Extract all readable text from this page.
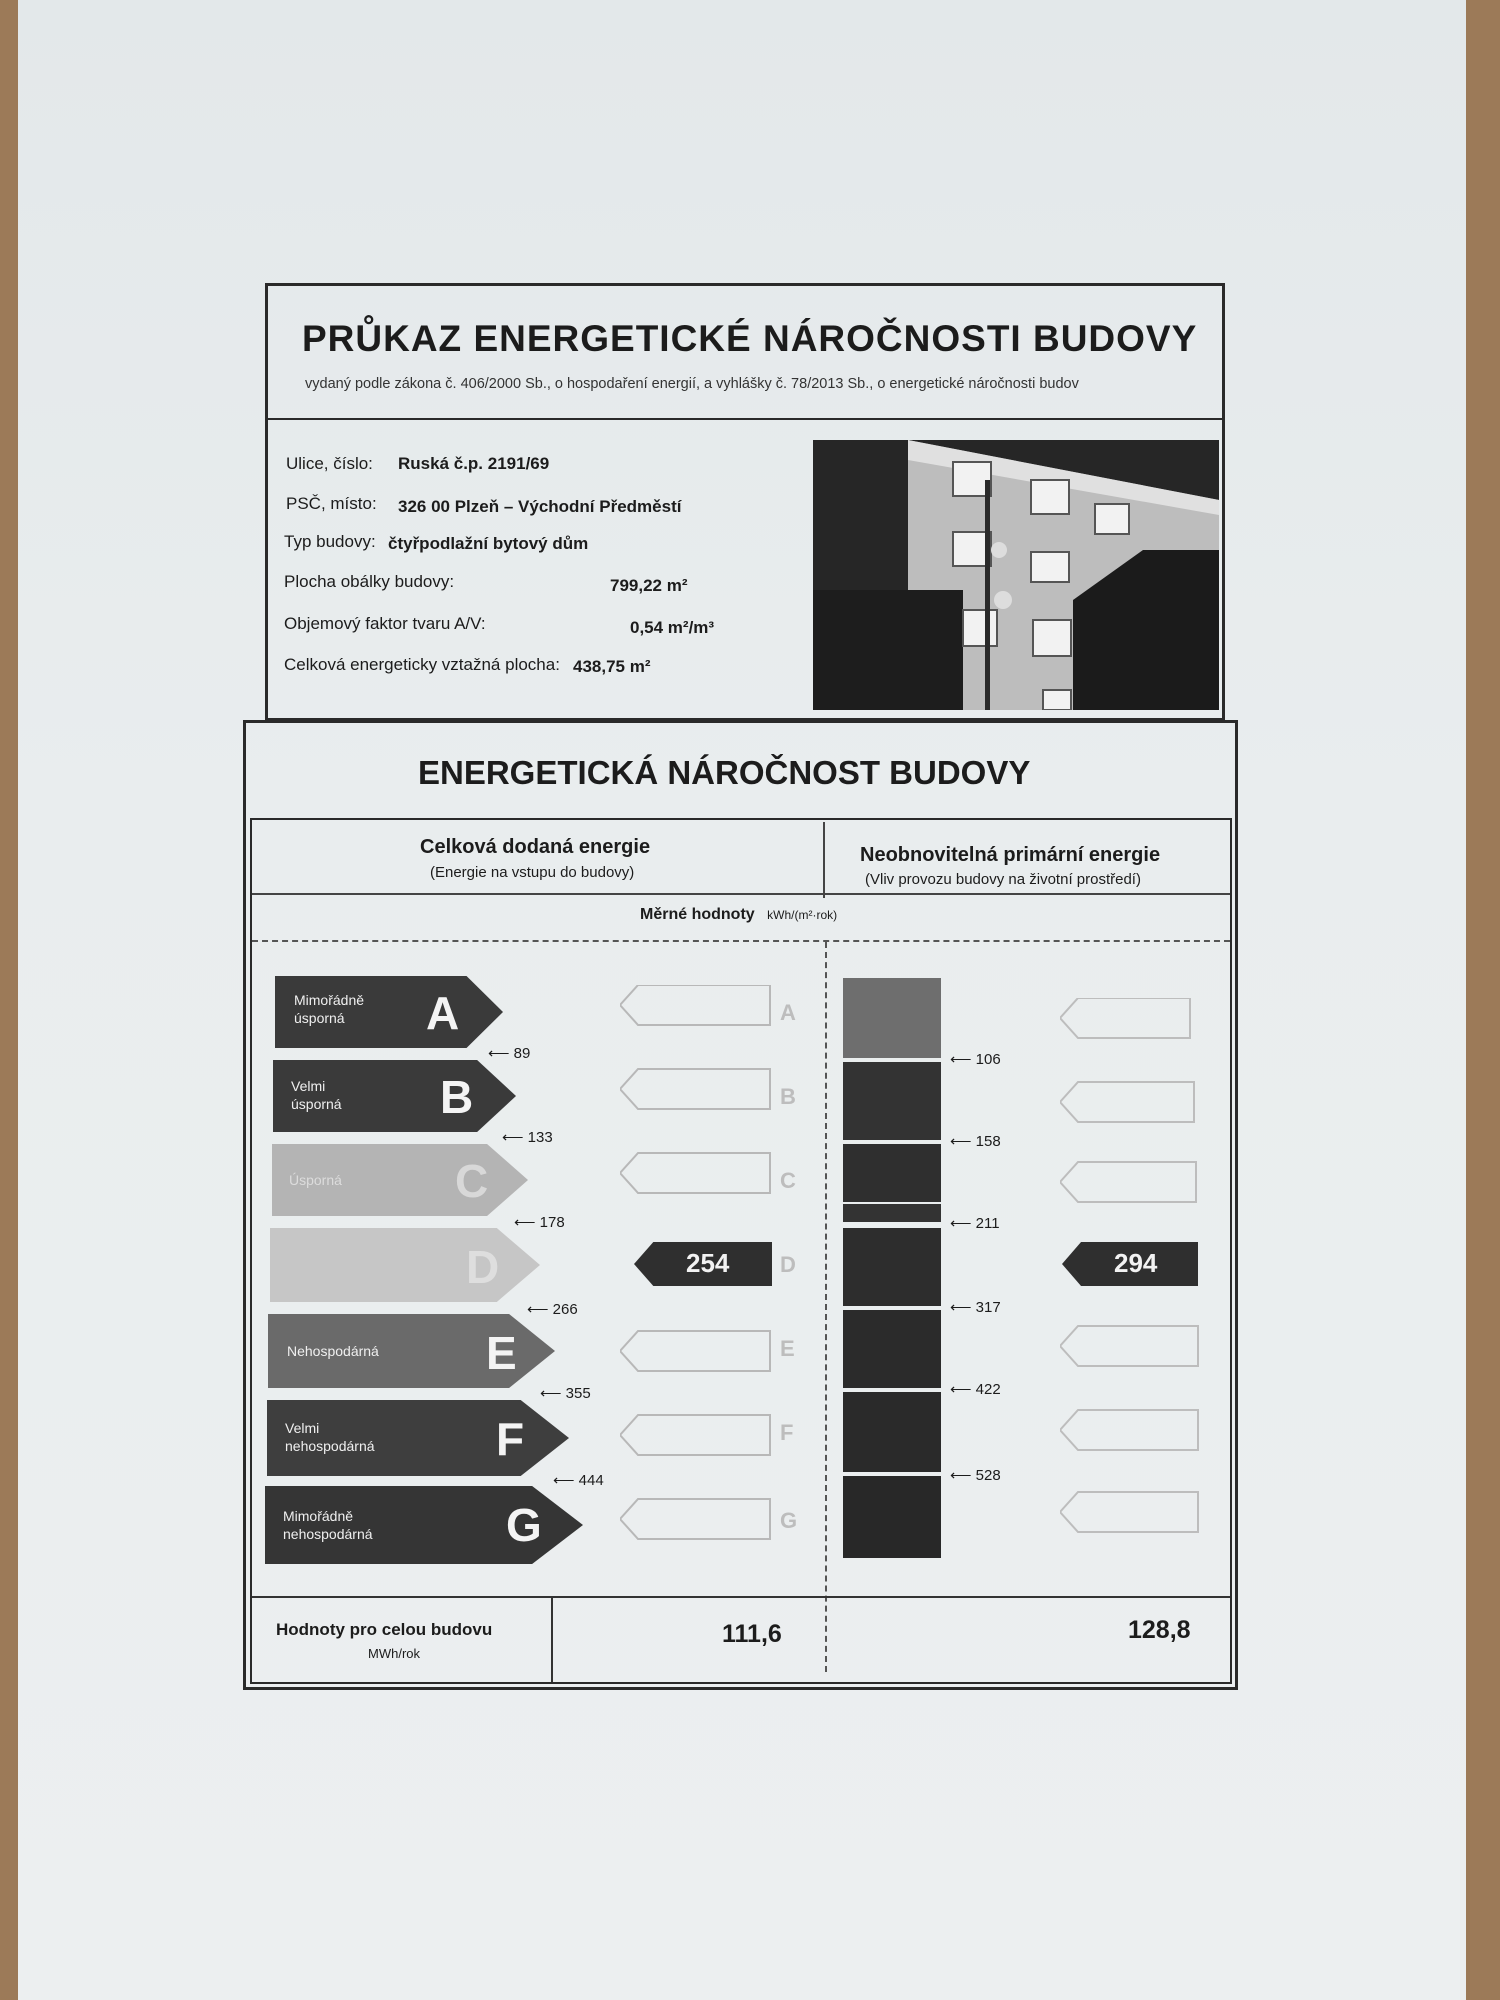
PRŮKAZ ENERGETICKÉ NÁROČNOSTI BUDOVY
vydaný podle zákona č. 406/2000 Sb., o hospodaření energií, a vyhlášky č. 78/2013 Sb., o energetické náročnosti budov
Ulice, číslo: Ruská č.p. 2191/69
PSČ, místo: 326 00 Plzeň – Východní Předměstí
Typ budovy: čtyřpodlažní bytový dům
Plocha obálky budovy:	799,22 m²
Objemový faktor tvaru A/V:	0,54 m²/m³
Celková energeticky vztažná plocha: 438,75 m²
ENERGETICKÁ NÁROČNOST BUDOVY
Celková dodaná energie
(Energie na vstupu do budovy)
Neobnovitelná primární energie
(Vliv provozu budovy na životní prostředí)
Měrné hodnoty kWh/(m²·rok)
Mimořádně
úsporná A
Velmi
úsporná B
Úsporná C
D
Nehospodárná E
Velmi
nehospodárná	F
Mimořádně
nehospodárná	G
⟵ 89
⟵ 133
⟵ 178
⟵ 266
⟵ 355
⟵ 444
A
B
C
D
E
F
G
254
⟵ 106
⟵ 158
⟵ 211
⟵ 317
⟵ 422
⟵ 528
294
Hodnoty pro celou budovu
MWh/rok
111,6	128,8
